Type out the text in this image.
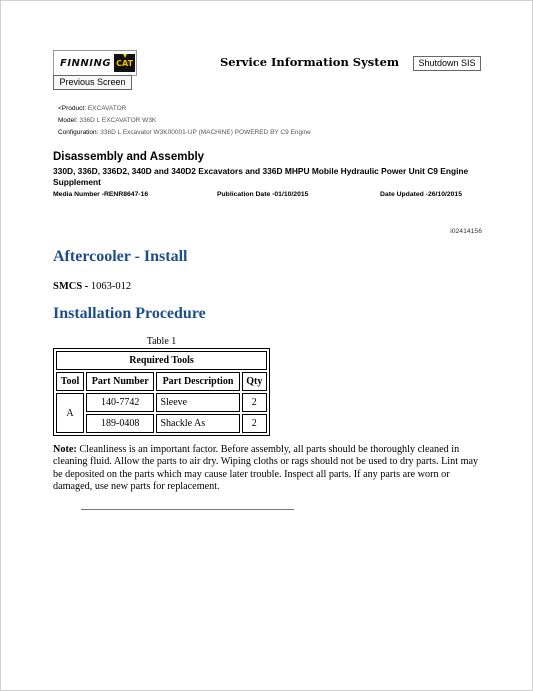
FINNING CAT
Previous Screen
Service Information System	Shutdown SIS
<Product: EXCAVATOR
Model: 336D L EXCAVATOR W3K
Configuration: 336D L Excavator W3K00001-UP (MACHINE) POWERED BY C9 Engine
Disassembly and Assembly
330D, 336D, 336D2, 340D and 340D2 Excavators and 336D MHPU Mobile Hydraulic Power Unit C9 Engine Supplement
Media Number -RENR8647-16	Publication Date -01/10/2015	Date Updated -26/10/2015
i02414156
Aftercooler - Install
SMCS - 1063-012
Installation Procedure
Table 1
Required Tools			
Tool	Part Number	Part Description	Qty
A	140-7742	Sleeve	2
	189-0408	Shackle As	2
Note: Cleanliness is an important factor. Before assembly, all parts should be thoroughly cleaned in cleaning fluid. Allow the parts to air dry. Wiping cloths or rags should not be used to dry parts. Lint may be deposited on the parts which may cause later trouble. Inspect all parts. If any parts are worn or damaged, use new parts for replacement.
